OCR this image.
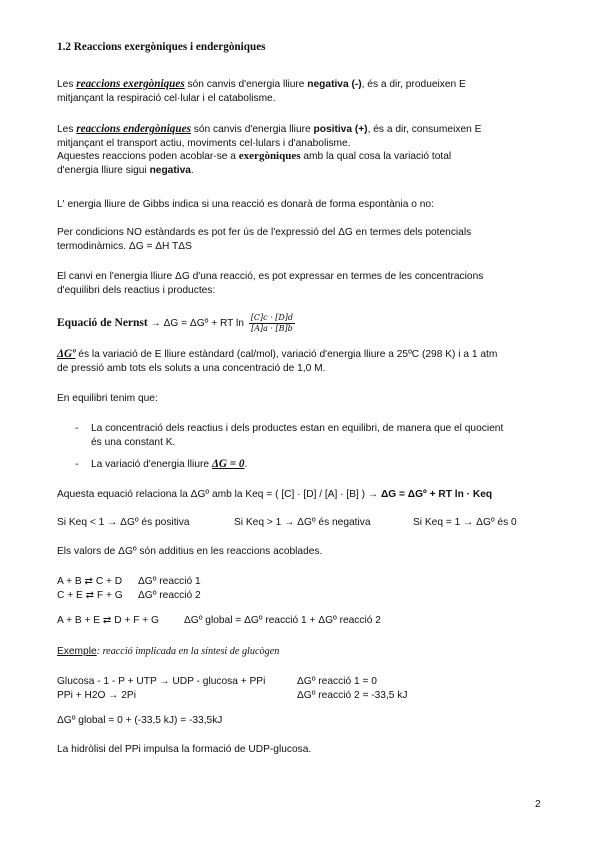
1.2 Reaccions exergòniques i endergòniques
Les reaccions exergòniques són canvis d'energia lliure negativa (-), és a dir, produeixen E
mitjançant la respiració cel·lular i el catabolisme.
Les reaccions endergòniques són canvis d'energia lliure positiva (+), és a dir, consumeixen E
mitjançant el transport actiu, moviments cel·lulars i d'anabolisme.
Aquestes reaccions poden acoblar-se a exergòniques amb la qual cosa la variació total
d'energia lliure sigui negativa.
L' energia lliure de Gibbs indica si una reacció es donarà de forma espontània o no:
Per condicions NO estàndards es pot fer ús de l'expressió del ΔG en termes dels potencials
termodinàmics. ΔG = ΔH TΔS
El canvi en l'energia lliure ΔG d'una reacció, es pot expressar en termes de les concentracions
d'equilibri dels reactius i productes:
Equació de Nernst → ΔG = ΔGº + RT $\ln \frac{[C]c \cdot [D]d}{[A]a \cdot [B]b}$
ΔGº és la variació de E lliure estàndard (cal/mol), variació d'energia lliure a 25ºC (298 K) i a 1 atm
de pressió amb tots els soluts a una concentració de 1,0 M.
En equilibri tenim que:
- La concentració dels reactius i dels productes estan en equilibri, de manera que el quocient
és una constant K.
- La variació d'energia lliure ΔG = 0.
Aquesta equació relaciona la ΔGº amb la Keq = ( [C] · [D] / [A] · [B] ) → ΔG = ΔGº + RT ln · Keq
Si Keq < 1 → ΔGº és positiva	Si Keq > 1 → ΔGº és negativa	Si Keq = 1 → ΔGº és 0
Els valors de ΔGº són additius en les reaccions acoblades.
A + B ⇄ C + D ΔGº reacció 1
C + E ⇄ F + G ΔGº reacció 2
A + B + E ⇄ D + F + G ΔGº global = ΔGº reacció 1 + ΔGº reacció 2
Exemple: reacció implicada en la síntesi de glucògen
Glucosa - 1 - P + UTP → UDP - glucosa + PPi	ΔGº reacció 1 = 0
PPi + H2O → 2Pi	ΔGº reacció 2 = -33,5 kJ
ΔGº global = 0 + (-33,5 kJ) = -33,5kJ
La hidròlisi del PPi impulsa la formació de UDP-glucosa.
2
